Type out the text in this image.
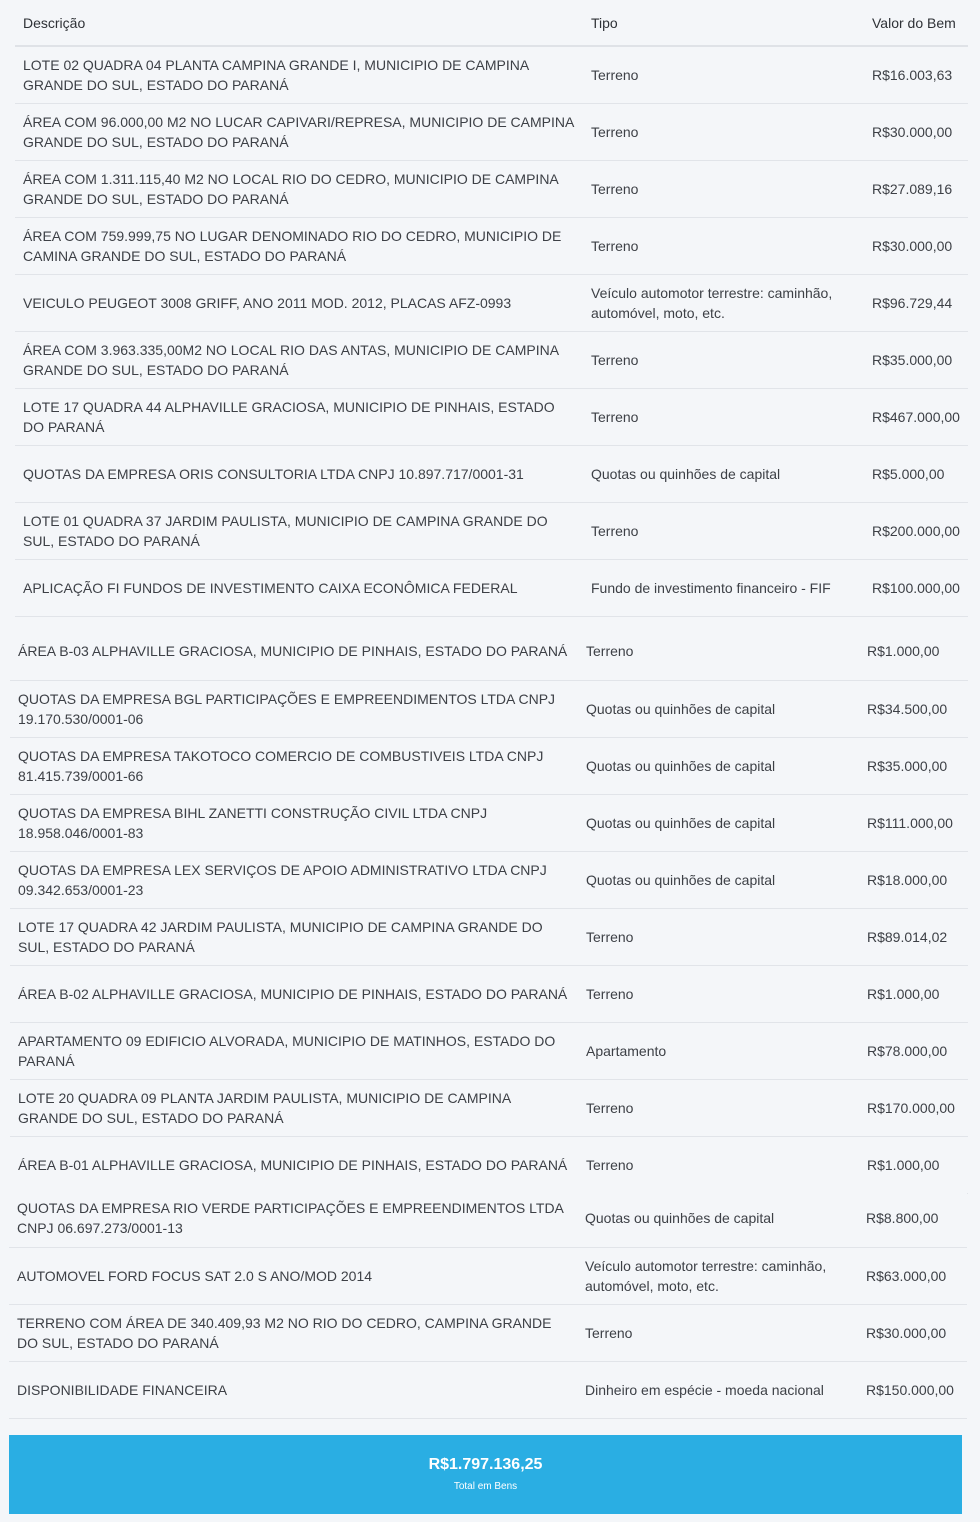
Descrição	Tipo	Valor do Bem
LOTE 02 QUADRA 04 PLANTA CAMPINA GRANDE I, MUNICIPIO DE CAMPINA GRANDE DO SUL, ESTADO DO PARANÁ	Terreno	R$16.003,63
ÁREA COM 96.000,00 M2 NO LUCAR CAPIVARI/REPRESA, MUNICIPIO DE CAMPINA GRANDE DO SUL, ESTADO DO PARANÁ	Terreno	R$30.000,00
ÁREA COM 1.311.115,40 M2 NO LOCAL RIO DO CEDRO, MUNICIPIO DE CAMPINA GRANDE DO SUL, ESTADO DO PARANÁ	Terreno	R$27.089,16
ÁREA COM 759.999,75 NO LUGAR DENOMINADO RIO DO CEDRO, MUNICIPIO DE CAMINA GRANDE DO SUL, ESTADO DO PARANÁ	Terreno	R$30.000,00
VEICULO PEUGEOT 3008 GRIFF, ANO 2011 MOD. 2012, PLACAS AFZ-0993	Veículo automotor terrestre: caminhão, automóvel, moto, etc.	R$96.729,44
ÁREA COM 3.963.335,00M2 NO LOCAL RIO DAS ANTAS, MUNICIPIO DE CAMPINA GRANDE DO SUL, ESTADO DO PARANÁ	Terreno	R$35.000,00
LOTE 17 QUADRA 44 ALPHAVILLE GRACIOSA, MUNICIPIO DE PINHAIS, ESTADO DO PARANÁ	Terreno	R$467.000,00
QUOTAS DA EMPRESA ORIS CONSULTORIA LTDA CNPJ 10.897.717/0001-31	Quotas ou quinhões de capital	R$5.000,00
LOTE 01 QUADRA 37 JARDIM PAULISTA, MUNICIPIO DE CAMPINA GRANDE DO SUL, ESTADO DO PARANÁ	Terreno	R$200.000,00
APLICAÇÃO FI FUNDOS DE INVESTIMENTO CAIXA ECONÔMICA FEDERAL	Fundo de investimento financeiro - FIF	R$100.000,00
ÁREA B-03 ALPHAVILLE GRACIOSA, MUNICIPIO DE PINHAIS, ESTADO DO PARANÁ	Terreno	R$1.000,00
QUOTAS DA EMPRESA BGL PARTICIPAÇÕES E EMPREENDIMENTOS LTDA CNPJ 19.170.530/0001-06	Quotas ou quinhões de capital	R$34.500,00
QUOTAS DA EMPRESA TAKOTOCO COMERCIO DE COMBUSTIVEIS LTDA CNPJ 81.415.739/0001-66	Quotas ou quinhões de capital	R$35.000,00
QUOTAS DA EMPRESA BIHL ZANETTI CONSTRUÇÃO CIVIL LTDA CNPJ 18.958.046/0001-83	Quotas ou quinhões de capital	R$111.000,00
QUOTAS DA EMPRESA LEX SERVIÇOS DE APOIO ADMINISTRATIVO LTDA CNPJ 09.342.653/0001-23	Quotas ou quinhões de capital	R$18.000,00
LOTE 17 QUADRA 42 JARDIM PAULISTA, MUNICIPIO DE CAMPINA GRANDE DO SUL, ESTADO DO PARANÁ	Terreno	R$89.014,02
ÁREA B-02 ALPHAVILLE GRACIOSA, MUNICIPIO DE PINHAIS, ESTADO DO PARANÁ	Terreno	R$1.000,00
APARTAMENTO 09 EDIFICIO ALVORADA, MUNICIPIO DE MATINHOS, ESTADO DO PARANÁ	Apartamento	R$78.000,00
LOTE 20 QUADRA 09 PLANTA JARDIM PAULISTA, MUNICIPIO DE CAMPINA GRANDE DO SUL, ESTADO DO PARANÁ	Terreno	R$170.000,00
ÁREA B-01 ALPHAVILLE GRACIOSA, MUNICIPIO DE PINHAIS, ESTADO DO PARANÁ	Terreno	R$1.000,00
QUOTAS DA EMPRESA RIO VERDE PARTICIPAÇÕES E EMPREENDIMENTOS LTDA CNPJ 06.697.273/0001-13	Quotas ou quinhões de capital	R$8.800,00
AUTOMOVEL FORD FOCUS SAT 2.0 S ANO/MOD 2014	Veículo automotor terrestre: caminhão, automóvel, moto, etc.	R$63.000,00
TERRENO COM ÁREA DE 340.409,93 M2 NO RIO DO CEDRO, CAMPINA GRANDE DO SUL, ESTADO DO PARANÁ	Terreno	R$30.000,00
DISPONIBILIDADE FINANCEIRA	Dinheiro em espécie - moeda nacional	R$150.000,00
R$1.797.136,25
Total em Bens
